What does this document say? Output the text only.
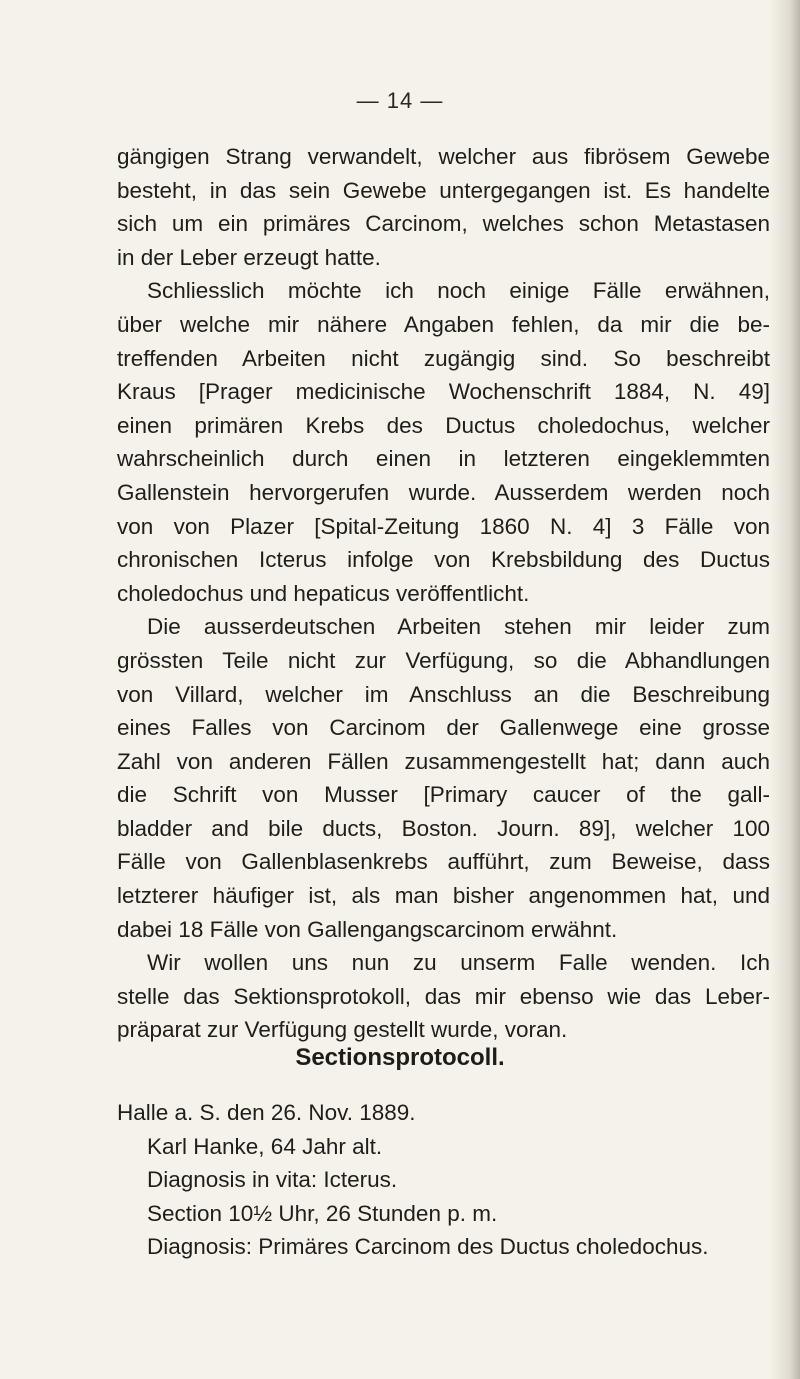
— 14 —
gängigen Strang verwandelt, welcher aus fibrösem Gewebe
besteht, in das sein Gewebe untergegangen ist. Es handelte
sich um ein primäres Carcinom, welches schon Metastasen
in der Leber erzeugt hatte.
Schliesslich möchte ich noch einige Fälle erwähnen,
über welche mir nähere Angaben fehlen, da mir die be-
treffenden Arbeiten nicht zugängig sind. So beschreibt
Kraus [Prager medicinische Wochenschrift 1884, N. 49]
einen primären Krebs des Ductus choledochus, welcher
wahrscheinlich durch einen in letzteren eingeklemmten
Gallenstein hervorgerufen wurde. Ausserdem werden noch
von von Plazer [Spital-Zeitung 1860 N. 4] 3 Fälle von
chronischen Icterus infolge von Krebsbildung des Ductus
choledochus und hepaticus veröffentlicht.
Die ausserdeutschen Arbeiten stehen mir leider zum
grössten Teile nicht zur Verfügung, so die Abhandlungen
von Villard, welcher im Anschluss an die Beschreibung
eines Falles von Carcinom der Gallenwege eine grosse
Zahl von anderen Fällen zusammengestellt hat; dann auch
die Schrift von Musser [Primary caucer of the gall-
bladder and bile ducts, Boston. Journ. 89], welcher 100
Fälle von Gallenblasenkrebs aufführt, zum Beweise, dass
letzterer häufiger ist, als man bisher angenommen hat, und
dabei 18 Fälle von Gallengangscarcinom erwähnt.
Wir wollen uns nun zu unserm Falle wenden. Ich
stelle das Sektionsprotokoll, das mir ebenso wie das Leber-
präparat zur Verfügung gestellt wurde, voran.
Sectionsprotocoll.
Halle a. S. den 26. Nov. 1889.
Karl Hanke, 64 Jahr alt.
Diagnosis in vita: Icterus.
Section 10½ Uhr, 26 Stunden p. m.
Diagnosis: Primäres Carcinom des Ductus choledochus.
